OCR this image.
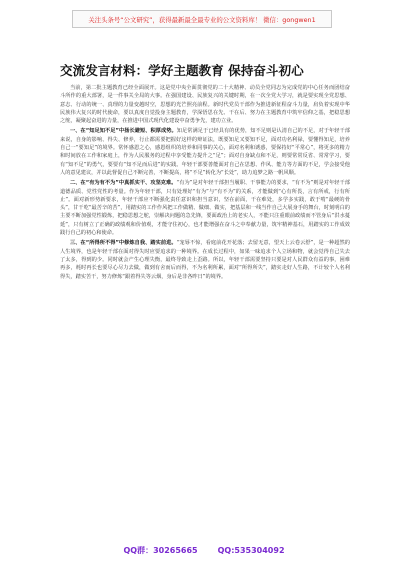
关注头条号“公文研究”，获得最新最全最专业的公文资料库！ 微信：gongwen1
交流发言材料：学好主题教育 保持奋斗初心

当前，第二批主题教育已经全面展开。这是党中央全面贯彻党的二十大精神、动员全党同志为完成党的中心任务而团结奋斗所作的重大部署，是一件事关全局的大事。在强国建设、民族复兴的关键时期，在一次全党大学习，就是要实现全党思想、意志、行动的统一、真理的力量变越时空，思想的光芒照亮前程。新时代党员干部作为推进新征程奋斗力量，肩负着实现中华民族伟大复兴的时代使命，要以真度自觉投身主题教育，学深悟思在先、干在后、努力在主题教育中筑牢信仰之基，把稳思想之舵，凝聚起奋进的力量，在推进中国式现代化建设中奋勇争先，建功立业。

一、在“知足知不足”中扬长避短、积厚成势。知足常满足于已经具有的优势，知不足则是认清自己的不足，对于年轻干部来说，自身的影响、得失、修养，行止都需要把握好这样的辩证法，既要知足又要知不足，面对功名利禄，要懂得知足，培养自己一“要知足”的境界。常怀感恩之心，感恩组织的培养和同事的关心，面对名利和诱惑，要保持好“平常心”，将更多的精力和时间放在工作和家庭上，作为人民服务的过程中享受能力提升之“足”；面对自身缺点和不足，则要常常反省、常常学习，要有“知不足”的勇气，要要有“知不足而后进”的实践。年轻干部要善能面对自己在思想、作风、能力等方面的不足，学会接受他人的意见建议，并以此督促自己不断完善，不断提高，将“不足”转化为“长处”，助力追梦之路一帆风顺。

二、在“有为有不为”中真抓实干、攻坚克难。“有为”是对年轻干部担当履职、干事能力的要求，“有不为”则是对年轻干部道德品质、党性党性的考量。作为年轻干部，只有处理好“有为”与“有不为”的关系，才能做到“心有所畏，言有所戒，行有所止”。面对新形势新要求，年轻干部应不断强化责任意识和担当意识，坚在前面，干在难处，多学多实践，敢于啃“最硬的骨头”，甘干吃“最苦辛的苦”，用踏实的工作作风把工作做精、做细、做实，把基层和一线当作自己大展身手的舞台，时刻明白的主要不断加强党性锻炼，把稳思想之舵，崇解决问题的急先锋，要面政治上的老实人，不能只注重眼前政绩而不管身后“洪水蔓延”，只有树立了正确的政绩观和价值观，才能守住初心，也才能增强在奋斗之中奉献力量，筑牢精神基石，用踏实的工作成效践行自己的初心和使命。

三、在“所得所不得”中修炼自我、踏实前进。“宠辱不惊，看庭前花开花落；去留无意，望天上云卷云舒”，是一种超然的人生境界，也是年轻干部在面对得失时应要追求的一种境界。在成长过程中，如果一味追求个人立场和物，就会觉得自己失去了太多，得到的少。同时就会产生心理失衡，最终导致走上歪路。所以，年轻干部需要坚持只要是对人民群众有益的事，困难再多，耗时再长也要尽心尽力去做，做到有舍而后而得，不为名利所累，面对“所得所失”，踏实走好人生路，不计较个人名利得失，踏实苦干，努力修炼“跟着得失等云烟，身后是非各昨日”的境界。

QQ群：30265665	QQ:535304092
